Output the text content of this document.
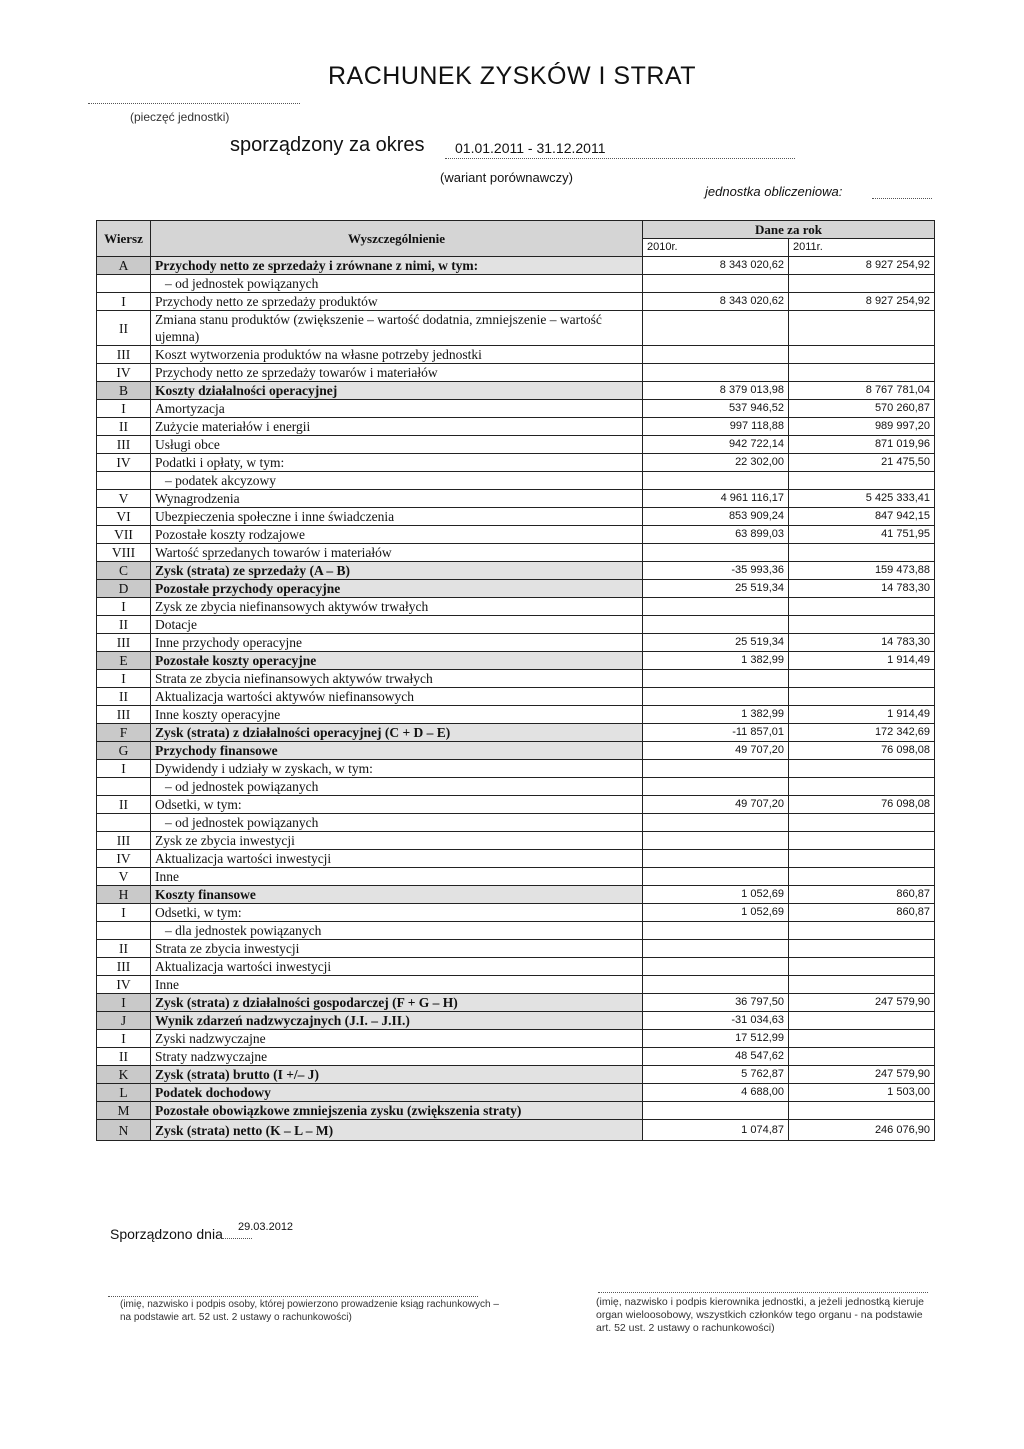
RACHUNEK ZYSKÓW I STRAT
(pieczęć jednostki)
sporządzony za okres 01.01.2011 - 31.12.2011
(wariant porównawczy)
jednostka obliczeniowa:
Wiersz	Wyszczególnienie	Dane za rok	
		2010r.	2011r.
A	Przychody netto ze sprzedaży i zrównane z nimi, w tym:	8 343 020,62	8 927 254,92
	– od jednostek powiązanych		
I	Przychody netto ze sprzedaży produktów	8 343 020,62	8 927 254,92
II	Zmiana stanu produktów (zwiększenie – wartość dodatnia, zmniejszenie – wartość ujemna)		
III	Koszt wytworzenia produktów na własne potrzeby jednostki		
IV	Przychody netto ze sprzedaży towarów i materiałów		
B	Koszty działalności operacyjnej	8 379 013,98	8 767 781,04
I	Amortyzacja	537 946,52	570 260,87
II	Zużycie materiałów i energii	997 118,88	989 997,20
III	Usługi obce	942 722,14	871 019,96
IV	Podatki i opłaty, w tym:	22 302,00	21 475,50
	– podatek akcyzowy		
V	Wynagrodzenia	4 961 116,17	5 425 333,41
VI	Ubezpieczenia społeczne i inne świadczenia	853 909,24	847 942,15
VII	Pozostałe koszty rodzajowe	63 899,03	41 751,95
VIII	Wartość sprzedanych towarów i materiałów		
C	Zysk (strata) ze sprzedaży (A – B)	-35 993,36	159 473,88
D	Pozostałe przychody operacyjne	25 519,34	14 783,30
I	Zysk ze zbycia niefinansowych aktywów trwałych		
II	Dotacje		
III	Inne przychody operacyjne	25 519,34	14 783,30
E	Pozostałe koszty operacyjne	1 382,99	1 914,49
I	Strata ze zbycia niefinansowych aktywów trwałych		
II	Aktualizacja wartości aktywów niefinansowych		
III	Inne koszty operacyjne	1 382,99	1 914,49
F	Zysk (strata) z działalności operacyjnej (C + D – E)	-11 857,01	172 342,69
G	Przychody finansowe	49 707,20	76 098,08
I	Dywidendy i udziały w zyskach, w tym:		
	– od jednostek powiązanych		
II	Odsetki, w tym:	49 707,20	76 098,08
	– od jednostek powiązanych		
III	Zysk ze zbycia inwestycji		
IV	Aktualizacja wartości inwestycji		
V	Inne		
H	Koszty finansowe	1 052,69	860,87
I	Odsetki, w tym:	1 052,69	860,87
	– dla jednostek powiązanych		
II	Strata ze zbycia inwestycji		
III	Aktualizacja wartości inwestycji		
IV	Inne		
I	Zysk (strata) z działalności gospodarczej (F + G – H)	36 797,50	247 579,90
J	Wynik zdarzeń nadzwyczajnych (J.I. – J.II.)	-31 034,63	
I	Zyski nadzwyczajne	17 512,99	
II	Straty nadzwyczajne	48 547,62	
K	Zysk (strata) brutto (I +/– J)	5 762,87	247 579,90
L	Podatek dochodowy	4 688,00	1 503,00
M	Pozostałe obowiązkowe zmniejszenia zysku (zwiększenia straty)		
N	Zysk (strata) netto (K – L – M)	1 074,87	246 076,90
Sporządzono dnia 29.03.2012
(imię, nazwisko i podpis osoby, której powierzono prowadzenie ksiąg rachunkowych – na podstawie art. 52 ust. 2 ustawy o rachunkowości)
(imię, nazwisko i podpis kierownika jednostki, a jeżeli jednostką kieruje organ wieloosobowy, wszystkich członków tego organu - na podstawie art. 52 ust. 2 ustawy o rachunkowości)
